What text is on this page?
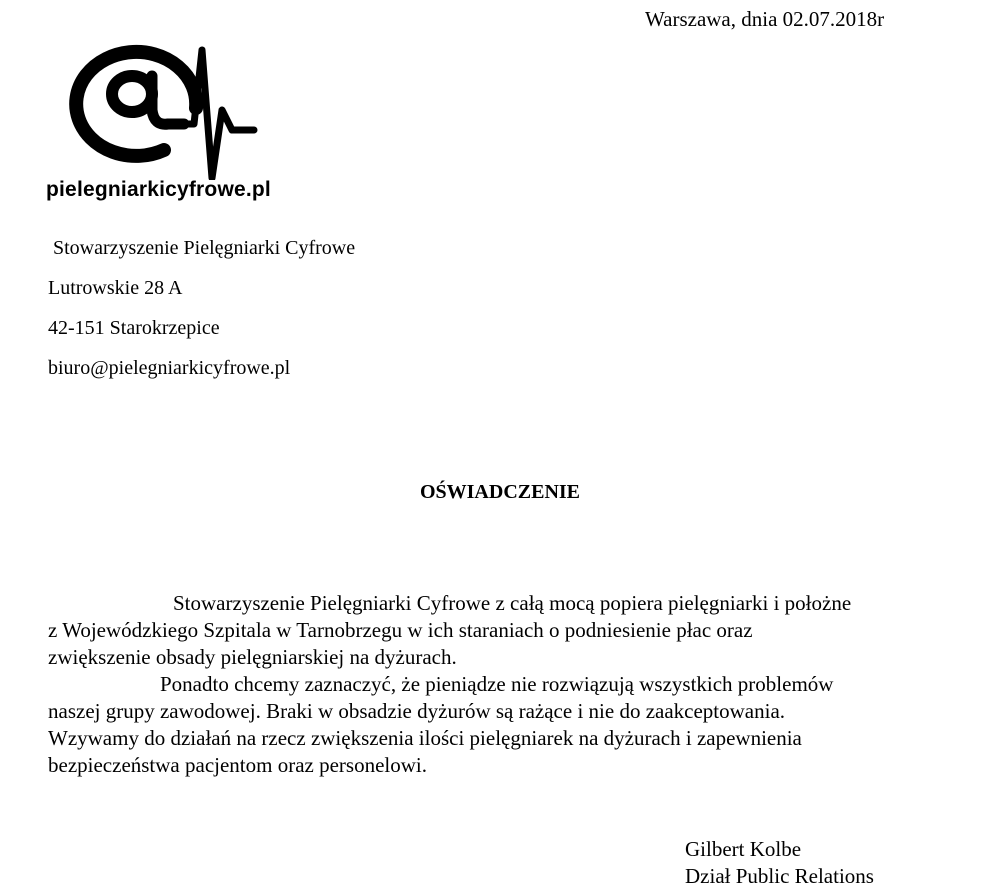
Warszawa, dnia 02.07.2018r
pielegniarkicyfrowe.pl
Stowarzyszenie Pielęgniarki Cyfrowe
Lutrowskie 28 A
42-151 Starokrzepice
biuro@pielegniarkicyfrowe.pl
OŚWIADCZENIE
Stowarzyszenie Pielęgniarki Cyfrowe z całą mocą popiera pielęgniarki i położne
z Wojewódzkiego Szpitala w Tarnobrzegu w ich staraniach o podniesienie płac oraz
zwiększenie obsady pielęgniarskiej na dyżurach.
Ponadto chcemy zaznaczyć, że pieniądze nie rozwiązują wszystkich problemów
naszej grupy zawodowej. Braki w obsadzie dyżurów są rażące i nie do zaakceptowania.
Wzywamy do działań na rzecz zwiększenia ilości pielęgniarek na dyżurach i zapewnienia
bezpieczeństwa pacjentom oraz personelowi.
Gilbert Kolbe
Dział Public Relations
